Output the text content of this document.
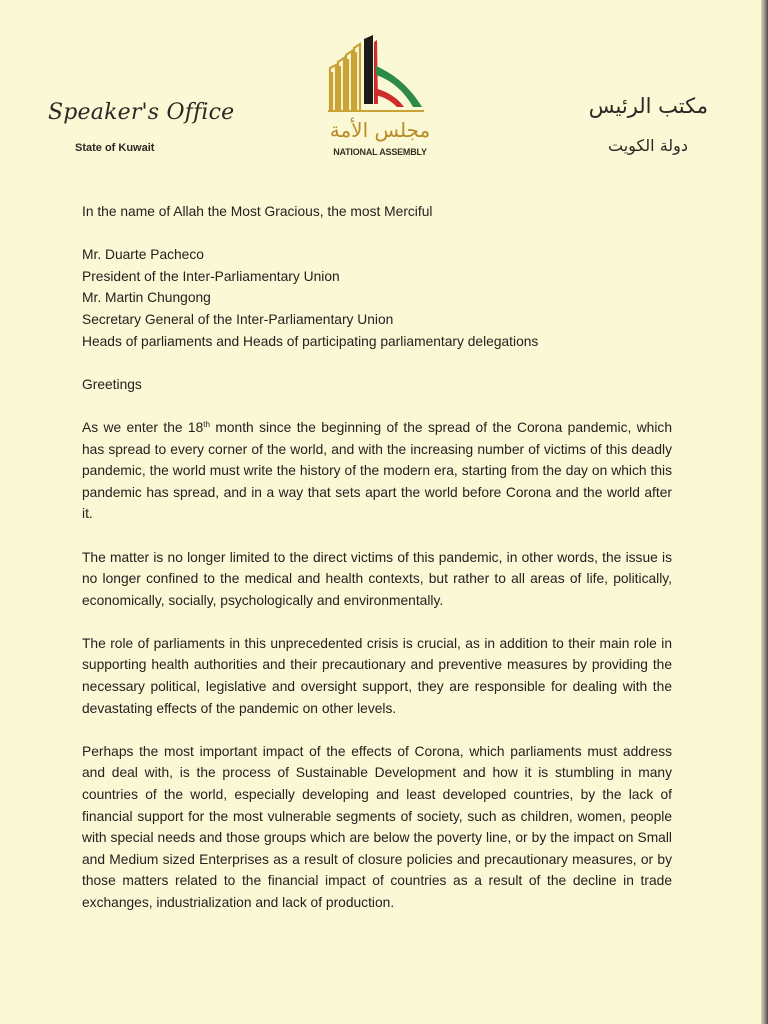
Speaker's Office
State of Kuwait
مجلس الأمة
NATIONAL ASSEMBLY
مكتب الرئيس
دولة الكويت

In the name of Allah the Most Gracious, the most Merciful

Mr. Duarte Pacheco
President of the Inter-Parliamentary Union
Mr. Martin Chungong
Secretary General of the Inter-Parliamentary Union
Heads of parliaments and Heads of participating parliamentary delegations

Greetings

As we enter the 18th month since the beginning of the spread of the Corona pandemic, which has spread to every corner of the world, and with the increasing number of victims of this deadly pandemic, the world must write the history of the modern era, starting from the day on which this pandemic has spread, and in a way that sets apart the world before Corona and the world after it.

The matter is no longer limited to the direct victims of this pandemic, in other words, the issue is no longer confined to the medical and health contexts, but rather to all areas of life, politically, economically, socially, psychologically and environmentally.

The role of parliaments in this unprecedented crisis is crucial, as in addition to their main role in supporting health authorities and their precautionary and preventive measures by providing the necessary political, legislative and oversight support, they are responsible for dealing with the devastating effects of the pandemic on other levels.

Perhaps the most important impact of the effects of Corona, which parliaments must address and deal with, is the process of Sustainable Development and how it is stumbling in many countries of the world, especially developing and least developed countries, by the lack of financial support for the most vulnerable segments of society, such as children, women, people with special needs and those groups which are below the poverty line, or by the impact on Small and Medium sized Enterprises as a result of closure policies and precautionary measures, or by those matters related to the financial impact of countries as a result of the decline in trade exchanges, industrialization and lack of production.
